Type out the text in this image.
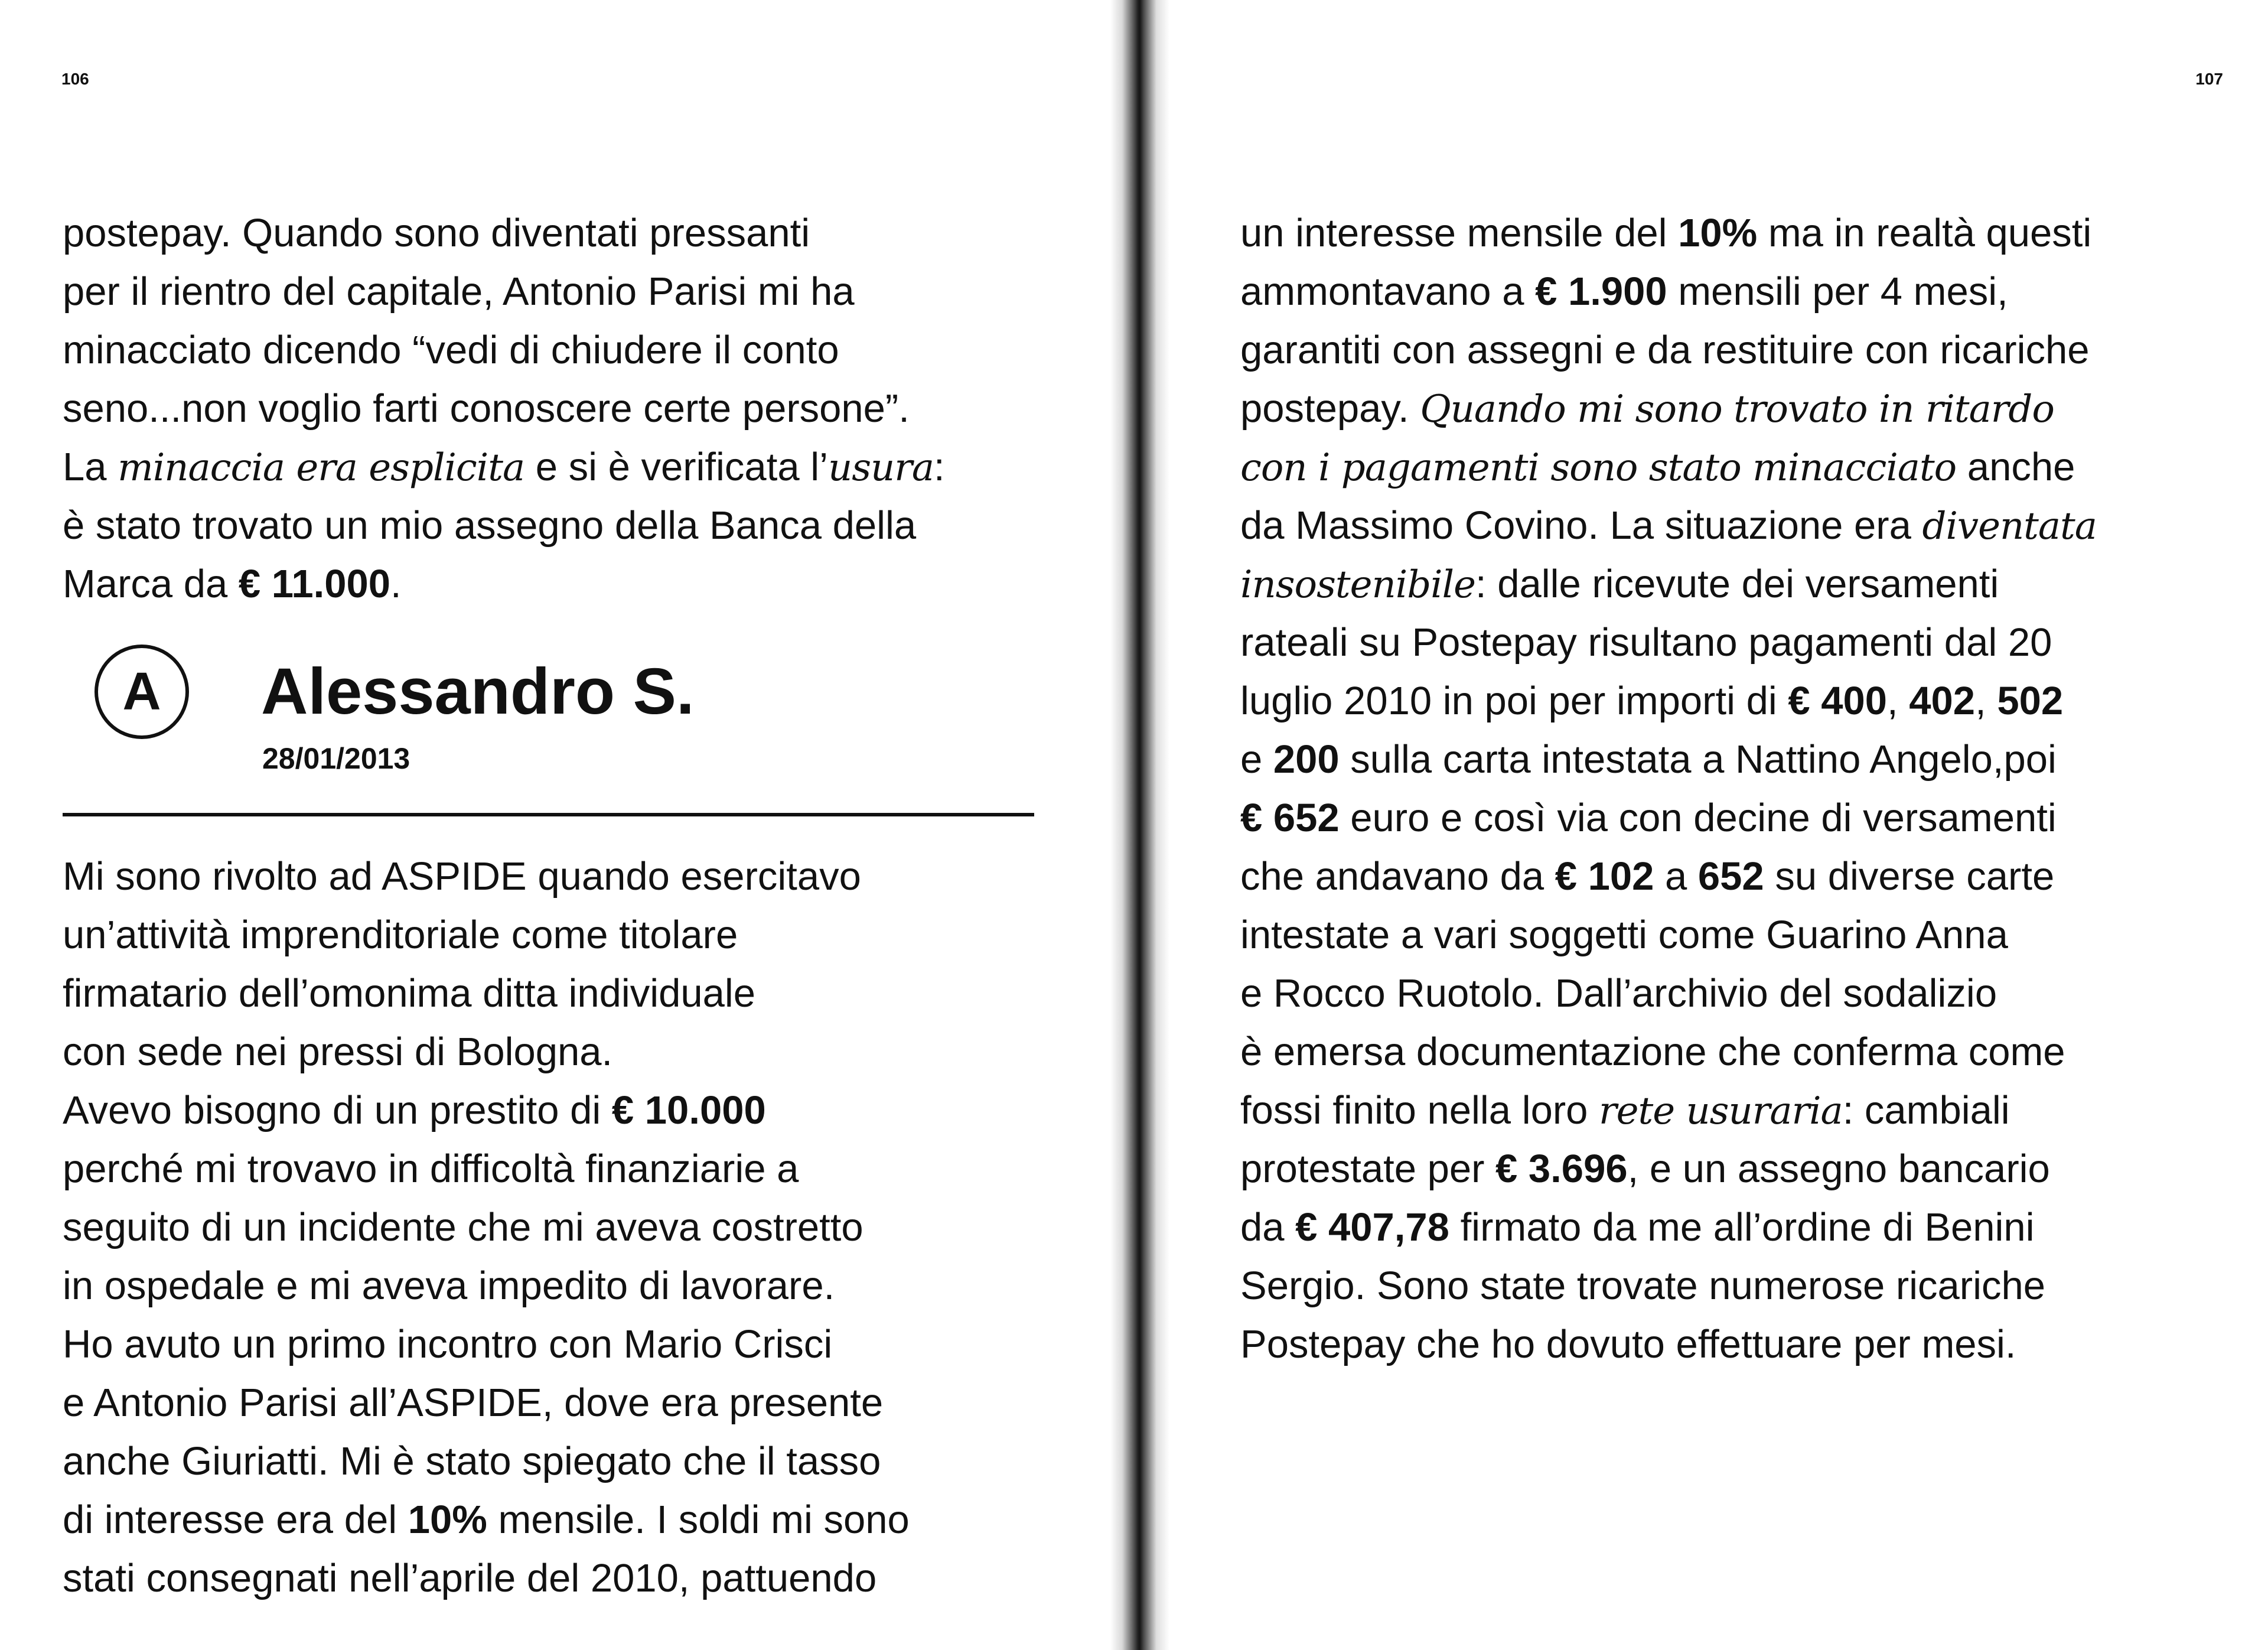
106
postepay. Quando sono diventati pressanti
per il rientro del capitale, Antonio Parisi mi ha
minacciato dicendo “vedi di chiudere il conto
seno...non voglio farti conoscere certe persone”.
La minaccia era esplicita e si è verificata l’usura:
è stato trovato un mio assegno della Banca della
Marca da € 11.000.
A	Alessandro S.
28/01/2013
Mi sono rivolto ad ASPIDE quando esercitavo
un’attività imprenditoriale come titolare
firmatario dell’omonima ditta individuale
con sede nei pressi di Bologna.
Avevo bisogno di un prestito di € 10.000
perché mi trovavo in difficoltà finanziarie a
seguito di un incidente che mi aveva costretto
in ospedale e mi aveva impedito di lavorare.
Ho avuto un primo incontro con Mario Crisci
e Antonio Parisi all’ASPIDE, dove era presente
anche Giuriatti. Mi è stato spiegato che il tasso
di interesse era del 10% mensile. I soldi mi sono
stati consegnati nell’aprile del 2010, pattuendo
107
un interesse mensile del 10% ma in realtà questi
ammontavano a € 1.900 mensili per 4 mesi,
garantiti con assegni e da restituire con ricariche
postepay. Quando mi sono trovato in ritardo
con i pagamenti sono stato minacciato anche
da Massimo Covino. La situazione era diventata
insostenibile: dalle ricevute dei versamenti
rateali su Postepay risultano pagamenti dal 20
luglio 2010 in poi per importi di € 400, 402, 502
e 200 sulla carta intestata a Nattino Angelo,poi
€ 652 euro e così via con decine di versamenti
che andavano da € 102 a 652 su diverse carte
intestate a vari soggetti come Guarino Anna
e Rocco Ruotolo. Dall’archivio del sodalizio
è emersa documentazione che conferma come
fossi finito nella loro rete usuraria: cambiali
protestate per € 3.696, e un assegno bancario
da € 407,78 firmato da me all’ordine di Benini
Sergio. Sono state trovate numerose ricariche
Postepay che ho dovuto effettuare per mesi.
